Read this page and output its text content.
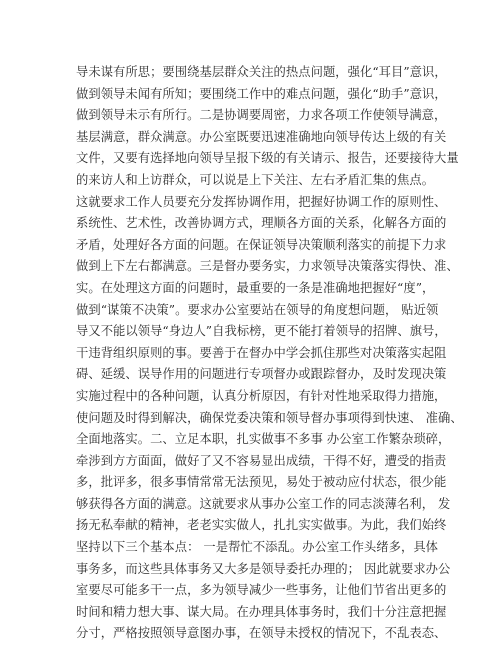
导未谋有所思；要围绕基层群众关注的热点问题，强化“耳目”意识，
做到领导未闻有所知；要围绕工作中的难点问题，强化“助手”意识，
做到领导未示有所行。二是协调要周密，力求各项工作使领导满意，
基层满意，群众满意。办公室既要迅速准确地向领导传达上级的有关
文件，又要有选择地向领导呈报下级的有关请示、报告，还要接待大量
的来访人和上访群众，可以说是上下关注、左右矛盾汇集的焦点。
这就要求工作人员要充分发挥协调作用，把握好协调工作的原则性、
系统性、艺术性，改善协调方式，理顺各方面的关系，化解各方面的
矛盾，处理好各方面的问题。在保证领导决策顺利落实的前提下力求
做到上下左右都满意。三是督办要务实，力求领导决策落实得快、准、
实。在处理这方面的问题时，最重要的一条是准确地把握好“度”，
做到“谋策不决策”。要求办公室要站在领导的角度想问题， 贴近领
导又不能以领导“身边人”自我标榜，更不能打着领导的招牌、旗号，
干违背组织原则的事。要善于在督办中学会抓住那些对决策落实起阻
碍、延缓、误导作用的问题进行专项督办或跟踪督办，及时发现决策
实施过程中的各种问题，认真分析原因，有针对性地采取得力措施，
使问题及时得到解决，确保党委决策和领导督办事项得到快速、 准确、
全面地落实。二、立足本职，扎实做事不多事 办公室工作繁杂琐碎，
牵涉到方方面面，做好了又不容易显出成绩，干得不好，遭受的指责
多，批评多，很多事情常常无法预见，易处于被动应付状态，很少能
够获得各方面的满意。这就要求从事办公室工作的同志淡薄名利， 发
扬无私奉献的精神，老老实实做人，扎扎实实做事。为此，我们始终
坚持以下三个基本点： 一是帮忙不添乱。办公室工作头绪多，具体
事务多，而这些具体事务又大多是领导委托办理的； 因此就要求办公
室要尽可能多干一点，多为领导减少一些事务，让他们节省出更多的
时间和精力想大事、谋大局。在办理具体事务时，我们十分注意把握
分寸，严格按照领导意图办事，在领导未授权的情况下，不乱表态、
